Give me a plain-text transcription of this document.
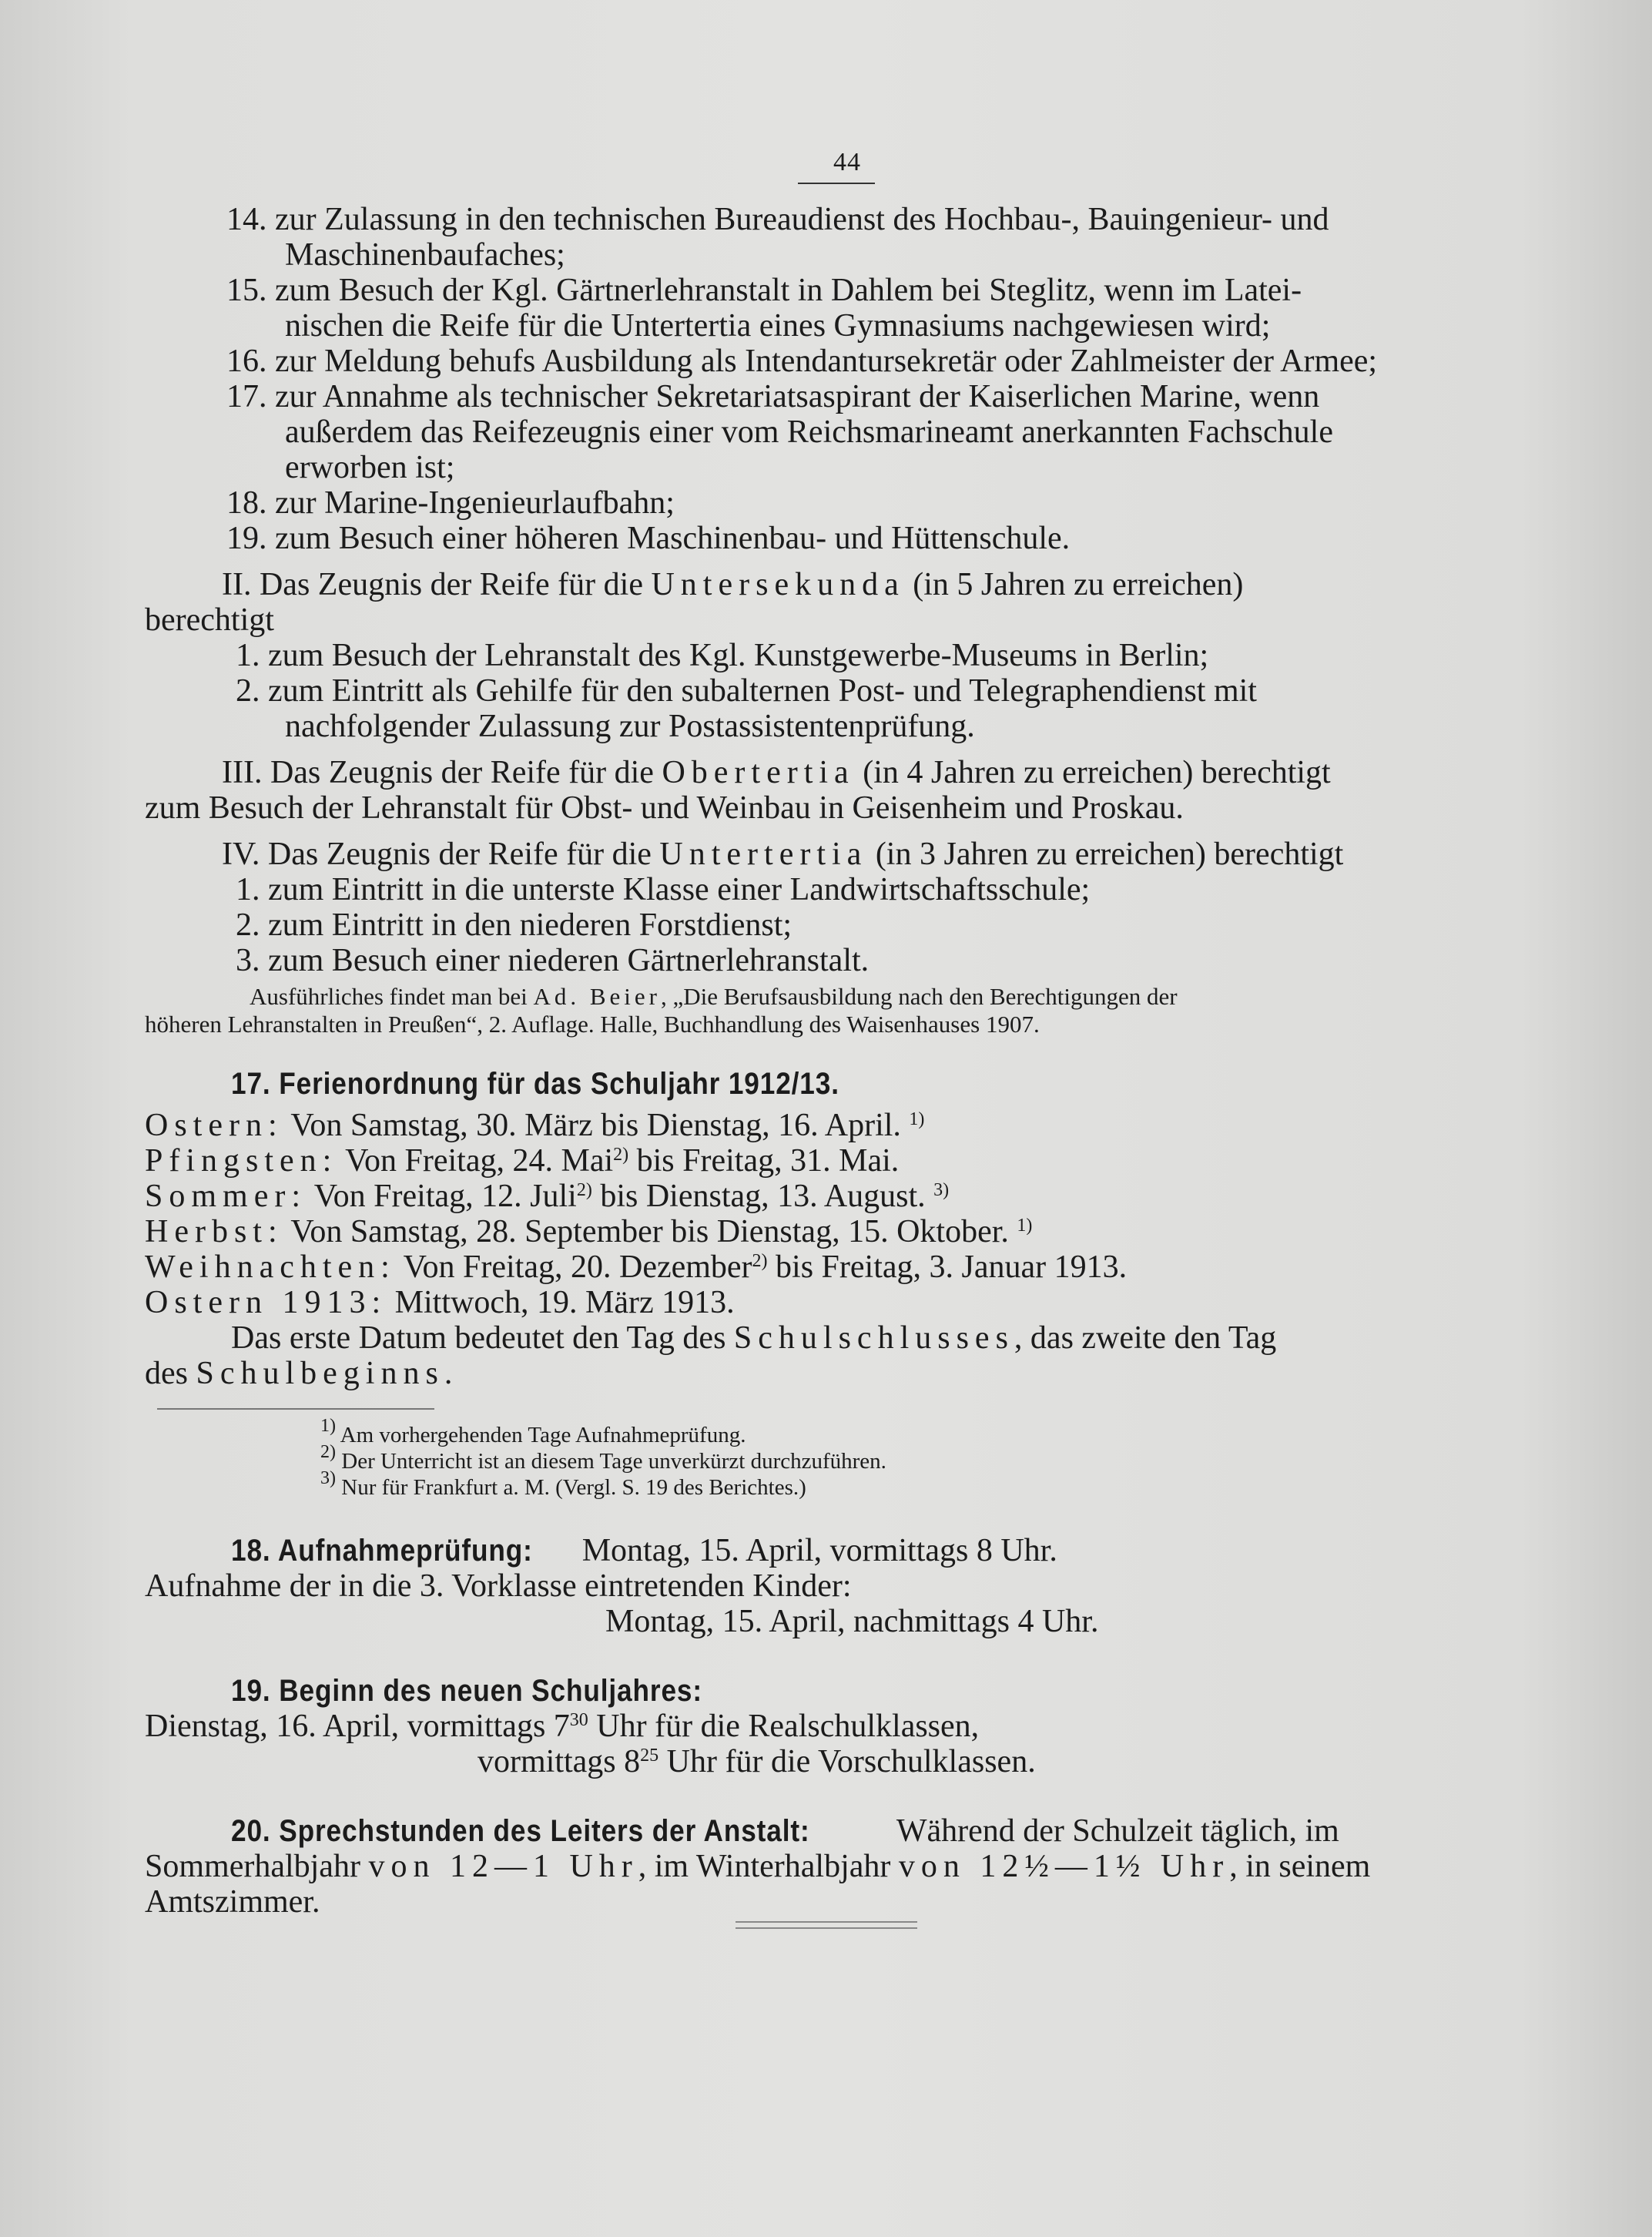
44
14. zur Zulassung in den technischen Bureaudienst des Hochbau-, Bauingenieur- und
Maschinenbaufaches;
15. zum Besuch der Kgl. Gärtnerlehranstalt in Dahlem bei Steglitz, wenn im Latei-
nischen die Reife für die Untertertia eines Gymnasiums nachgewiesen wird;
16. zur Meldung behufs Ausbildung als Intendantursekretär oder Zahlmeister der Armee;
17. zur Annahme als technischer Sekretariatsaspirant der Kaiserlichen Marine, wenn
außerdem das Reifezeugnis einer vom Reichsmarineamt anerkannten Fachschule
erworben ist;
18. zur Marine-Ingenieurlaufbahn;
19. zum Besuch einer höheren Maschinenbau- und Hüttenschule.
II. Das Zeugnis der Reife für die Untersekunda (in 5 Jahren zu erreichen)
berechtigt
1. zum Besuch der Lehranstalt des Kgl. Kunstgewerbe-Museums in Berlin;
2. zum Eintritt als Gehilfe für den subalternen Post- und Telegraphendienst mit
nachfolgender Zulassung zur Postassistentenprüfung.
III. Das Zeugnis der Reife für die Obertertia (in 4 Jahren zu erreichen) berechtigt
zum Besuch der Lehranstalt für Obst- und Weinbau in Geisenheim und Proskau.
IV. Das Zeugnis der Reife für die Untertertia (in 3 Jahren zu erreichen) berechtigt
1. zum Eintritt in die unterste Klasse einer Landwirtschaftsschule;
2. zum Eintritt in den niederen Forstdienst;
3. zum Besuch einer niederen Gärtnerlehranstalt.
Ausführliches findet man bei Ad. Beier, „Die Berufsausbildung nach den Berechtigungen der
höheren Lehranstalten in Preußen“, 2. Auflage. Halle, Buchhandlung des Waisenhauses 1907.
17. Ferienordnung für das Schuljahr 1912/13.
Ostern: Von Samstag, 30. März bis Dienstag, 16. April. $^{1)}$
Pfingsten: Von Freitag, 24. Mai$^{2)}$ bis Freitag, 31. Mai.
Sommer: Von Freitag, 12. Juli$^{2)}$ bis Dienstag, 13. August. $^{3)}$
Herbst: Von Samstag, 28. September bis Dienstag, 15. Oktober. $^{1)}$
Weihnachten: Von Freitag, 20. Dezember$^{2)}$ bis Freitag, 3. Januar 1913.
Ostern 1913: Mittwoch, 19. März 1913.
Das erste Datum bedeutet den Tag des Schulschlusses, das zweite den Tag
des Schulbeginns.
$^{1)}$ Am vorhergehenden Tage Aufnahmeprüfung.
$^{2)}$ Der Unterricht ist an diesem Tage unverkürzt durchzuführen.
$^{3)}$ Nur für Frankfurt a. M. (Vergl. S. 19 des Berichtes.)
18. Aufnahmeprüfung: Montag, 15. April, vormittags 8 Uhr.
Aufnahme der in die 3. Vorklasse eintretenden Kinder:
Montag, 15. April, nachmittags 4 Uhr.
19. Beginn des neuen Schuljahres:
Dienstag, 16. April, vormittags $7^{30}$ Uhr für die Realschulklassen,
vormittags $8^{25}$ Uhr für die Vorschulklassen.
20. Sprechstunden des Leiters der Anstalt:	Während der Schulzeit täglich, im
Sommerhalbjahr von 12—1 Uhr, im Winterhalbjahr von 12½—1½ Uhr, in seinem
Amtszimmer.
